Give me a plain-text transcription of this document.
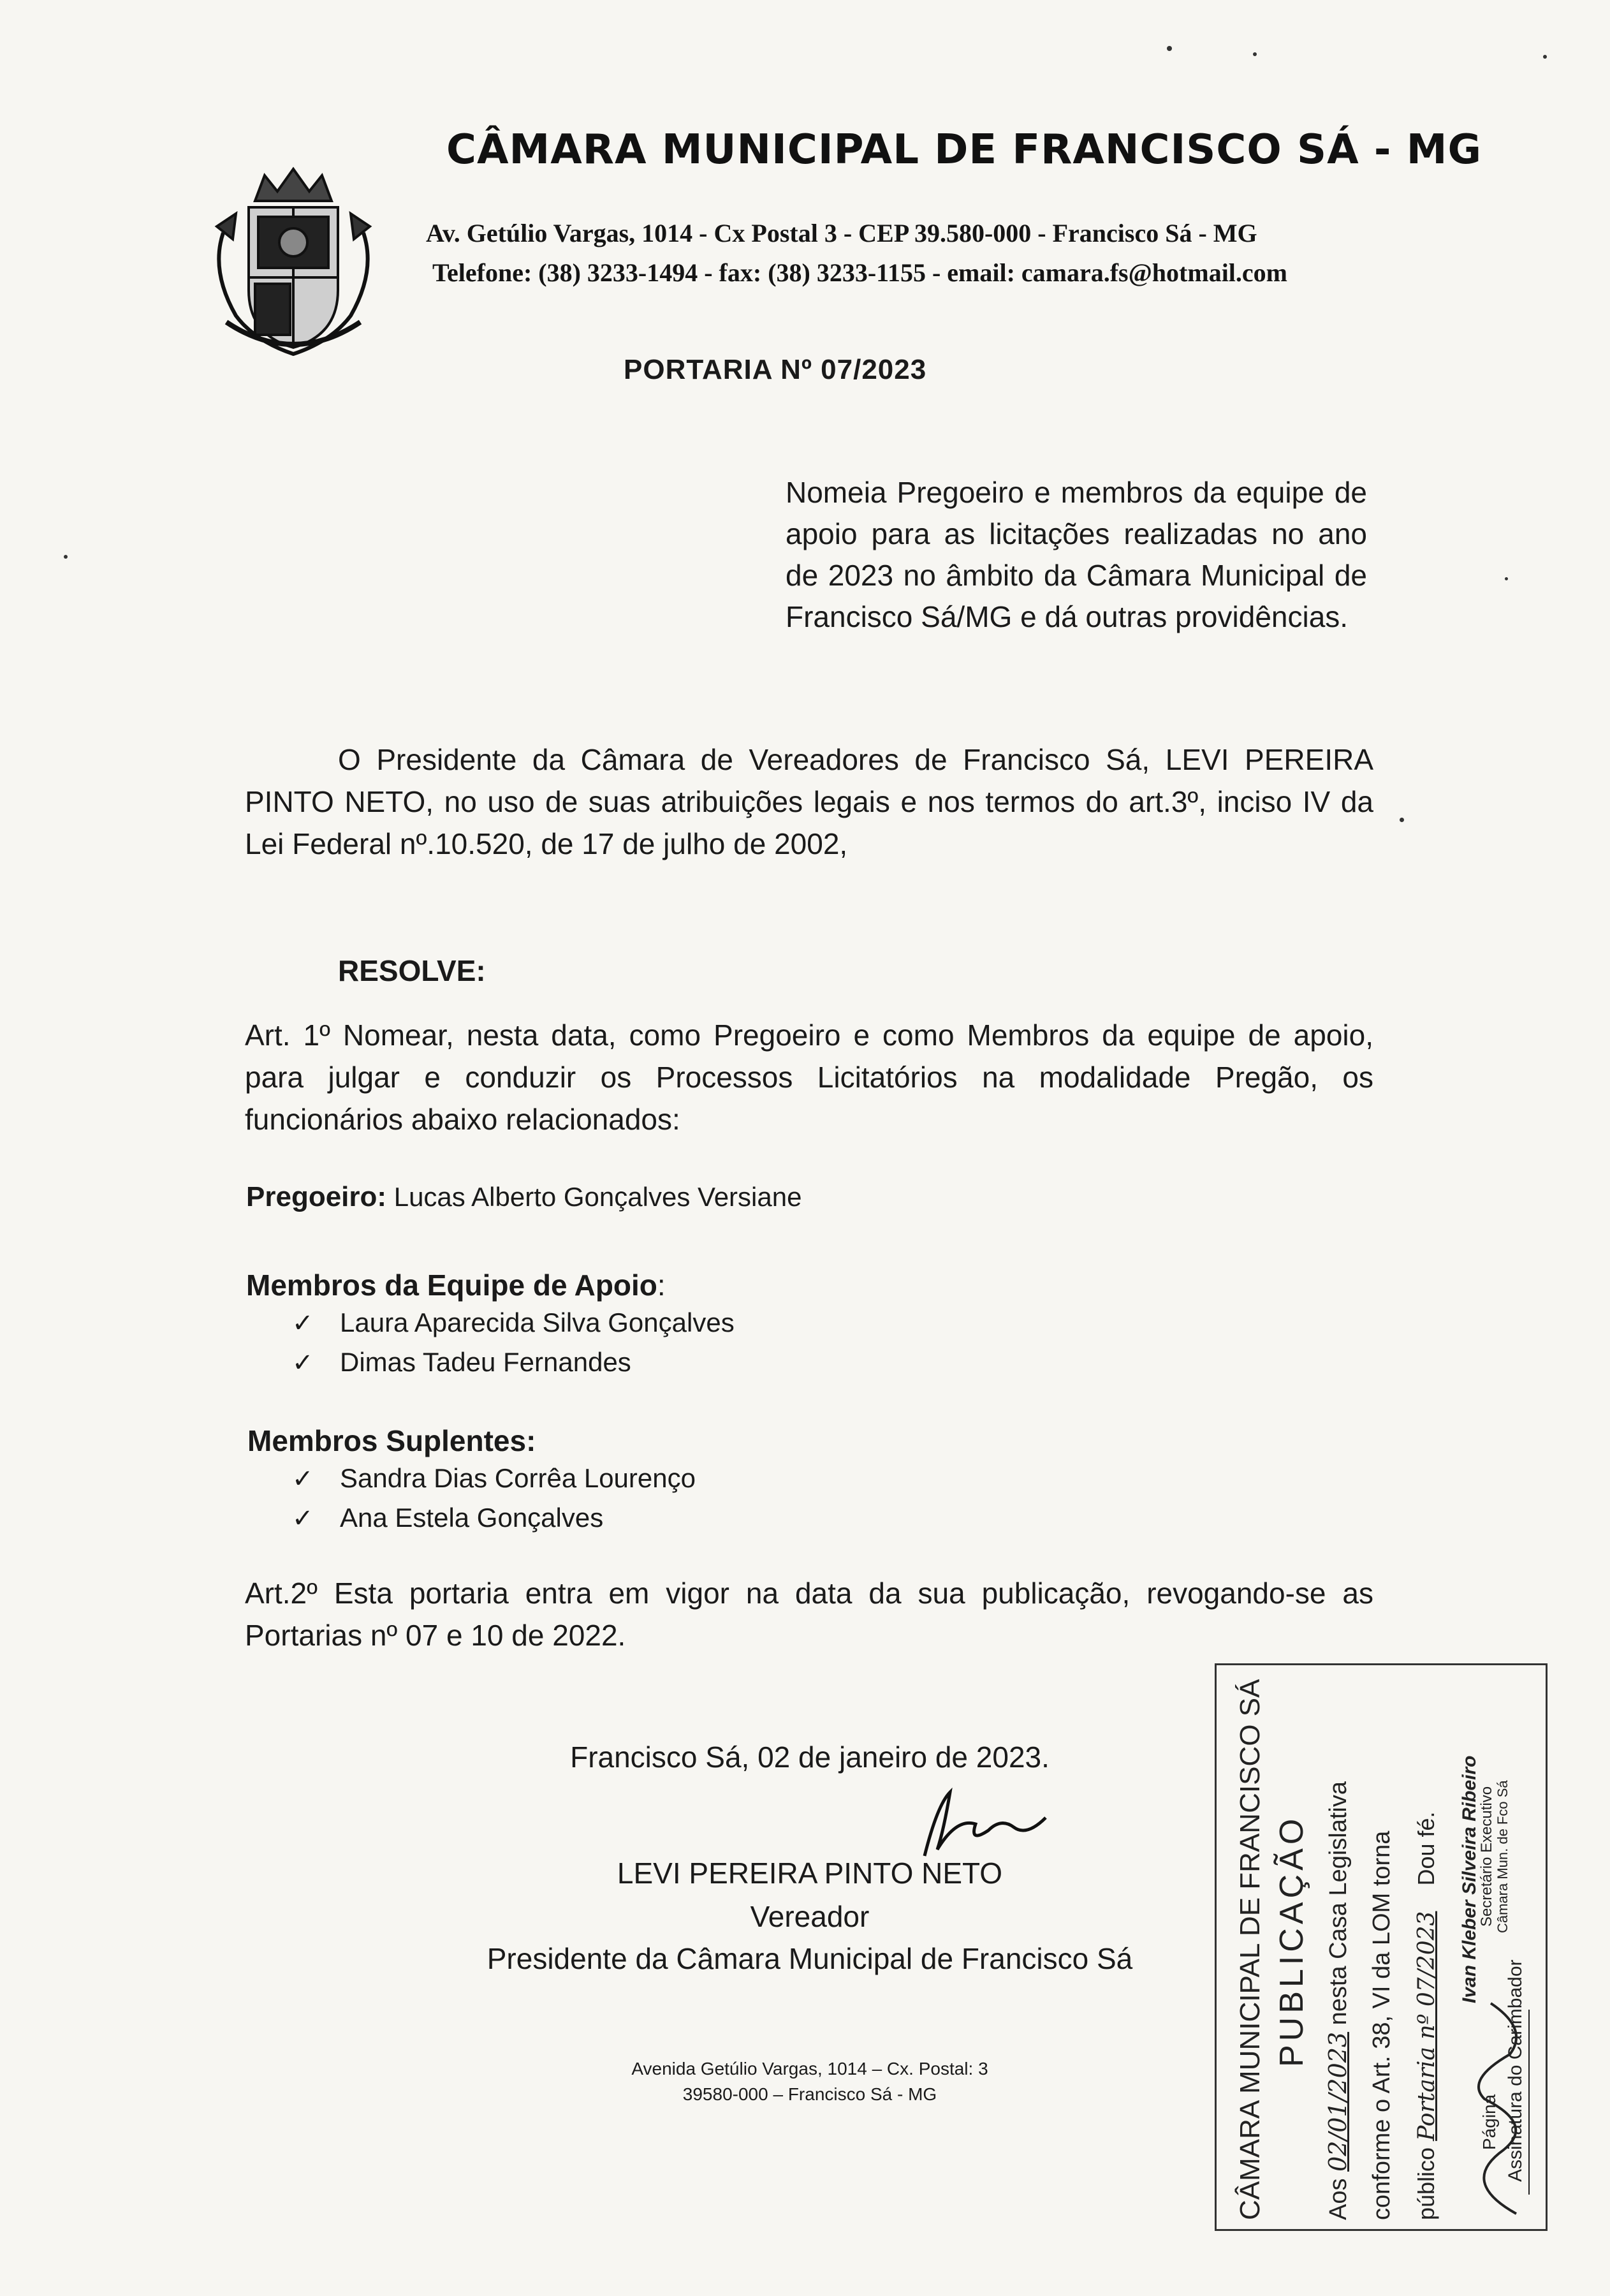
CÂMARA MUNICIPAL DE FRANCISCO SÁ - MG
Av. Getúlio Vargas, 1014 - Cx Postal 3 - CEP 39.580-000 - Francisco Sá - MG
Telefone: (38) 3233-1494 - fax: (38) 3233-1155 - email: camara.fs@hotmail.com
PORTARIA Nº 07/2023
Nomeia Pregoeiro e membros da equipe de apoio para as licitações realizadas no ano de 2023 no âmbito da Câmara Municipal de Francisco Sá/MG e dá outras providências.
O Presidente da Câmara de Vereadores de Francisco Sá, LEVI PEREIRA PINTO NETO, no uso de suas atribuições legais e nos termos do art.3º, inciso IV da Lei Federal nº.10.520, de 17 de julho de 2002,
RESOLVE:
Art. 1º Nomear, nesta data, como Pregoeiro e como Membros da equipe de apoio, para julgar e conduzir os Processos Licitatórios na modalidade Pregão, os funcionários abaixo relacionados:
Pregoeiro: Lucas Alberto Gonçalves Versiane
Membros da Equipe de Apoio:
✓ Laura Aparecida Silva Gonçalves
✓ Dimas Tadeu Fernandes
Membros Suplentes:
✓ Sandra Dias Corrêa Lourenço
✓ Ana Estela Gonçalves
Art.2º Esta portaria entra em vigor na data da sua publicação, revogando-se as Portarias nº 07 e 10 de 2022.
Francisco Sá, 02 de janeiro de 2023.
LEVI PEREIRA PINTO NETO
Vereador
Presidente da Câmara Municipal de Francisco Sá
Avenida Getúlio Vargas, 1014 – Cx. Postal: 3
39580-000 – Francisco Sá - MG	CÂMARA MUNICIPAL DE FRANCISCO SÁ PUBLICAÇÃO
Aos 02/01/2023 nesta Casa Legislativa conforme o Art. 38, VI da LOM torna público Portaria nº 07/2023 Dou fé. Ivan Kleber Silveira Ribeiro
Secretário Executivo Câmara Mun. de Fco Sá
Assinatura do Carimbador
Página
